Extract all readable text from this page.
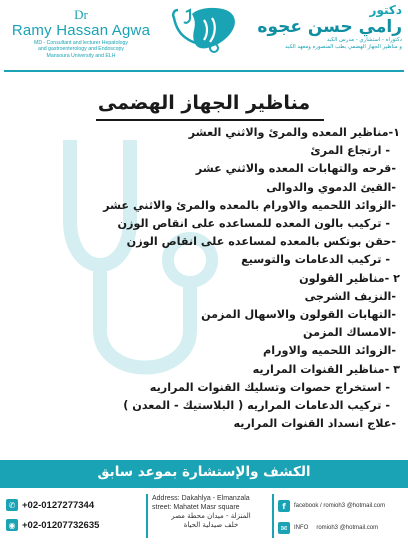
Dr
Ramy Hassan Agwa
MD - Consultant and lecturer Hepatology
and gastroenterology and Endoscopy
Mansoura University and ELH
دكتور
رامي حسن عجوه
دكتوراه - استشاري - مدرس الكبد
و مناظير الجهاز الهضمي بطب المنصوره ومعهد الكبد
مناظير الجهاز الهضمى
١-مناظير المعده والمرئ والاثني العشر
- ارتجاع المرئ
-قرحه والتهابات المعده والاثني عشر
-القيئ الدموي والدوالى
-الزوائد اللحميه والاورام بالمعده والمرئ والاثني عشر
- تركيب بالون المعده للمساعده على انقاص الوزن
-حقن بوتكس بالمعده لمساعده على انقاص الوزن
- تركيب الدعامات والتوسيع
٢ -مناظير القولون
-النزيف الشرجى
-التهابات القولون والاسهال المزمن
-الامساك المزمن
-الزوائد اللحميه والاورام
٣ -مناظير القنوات المراريه
- استخراج حصوات وتسليك القنوات المراريه
- تركيب الدعامات المراريه ( البلاستيك - المعدن )
-علاج انسداد القنوات المراريه
الكشف والإستشارة بموعد سابق
✆ +02-0127277344
◉ +02-01207732635
Address: Dakahlya - Elmanzala
street: Mahatet Masr square
المنزلة - ميدان محطة مصر
خلف صيدلية الحياة
f	facebook / romioh3 @hotmail.com
✉	INFO romioh3 @hotmail.com
